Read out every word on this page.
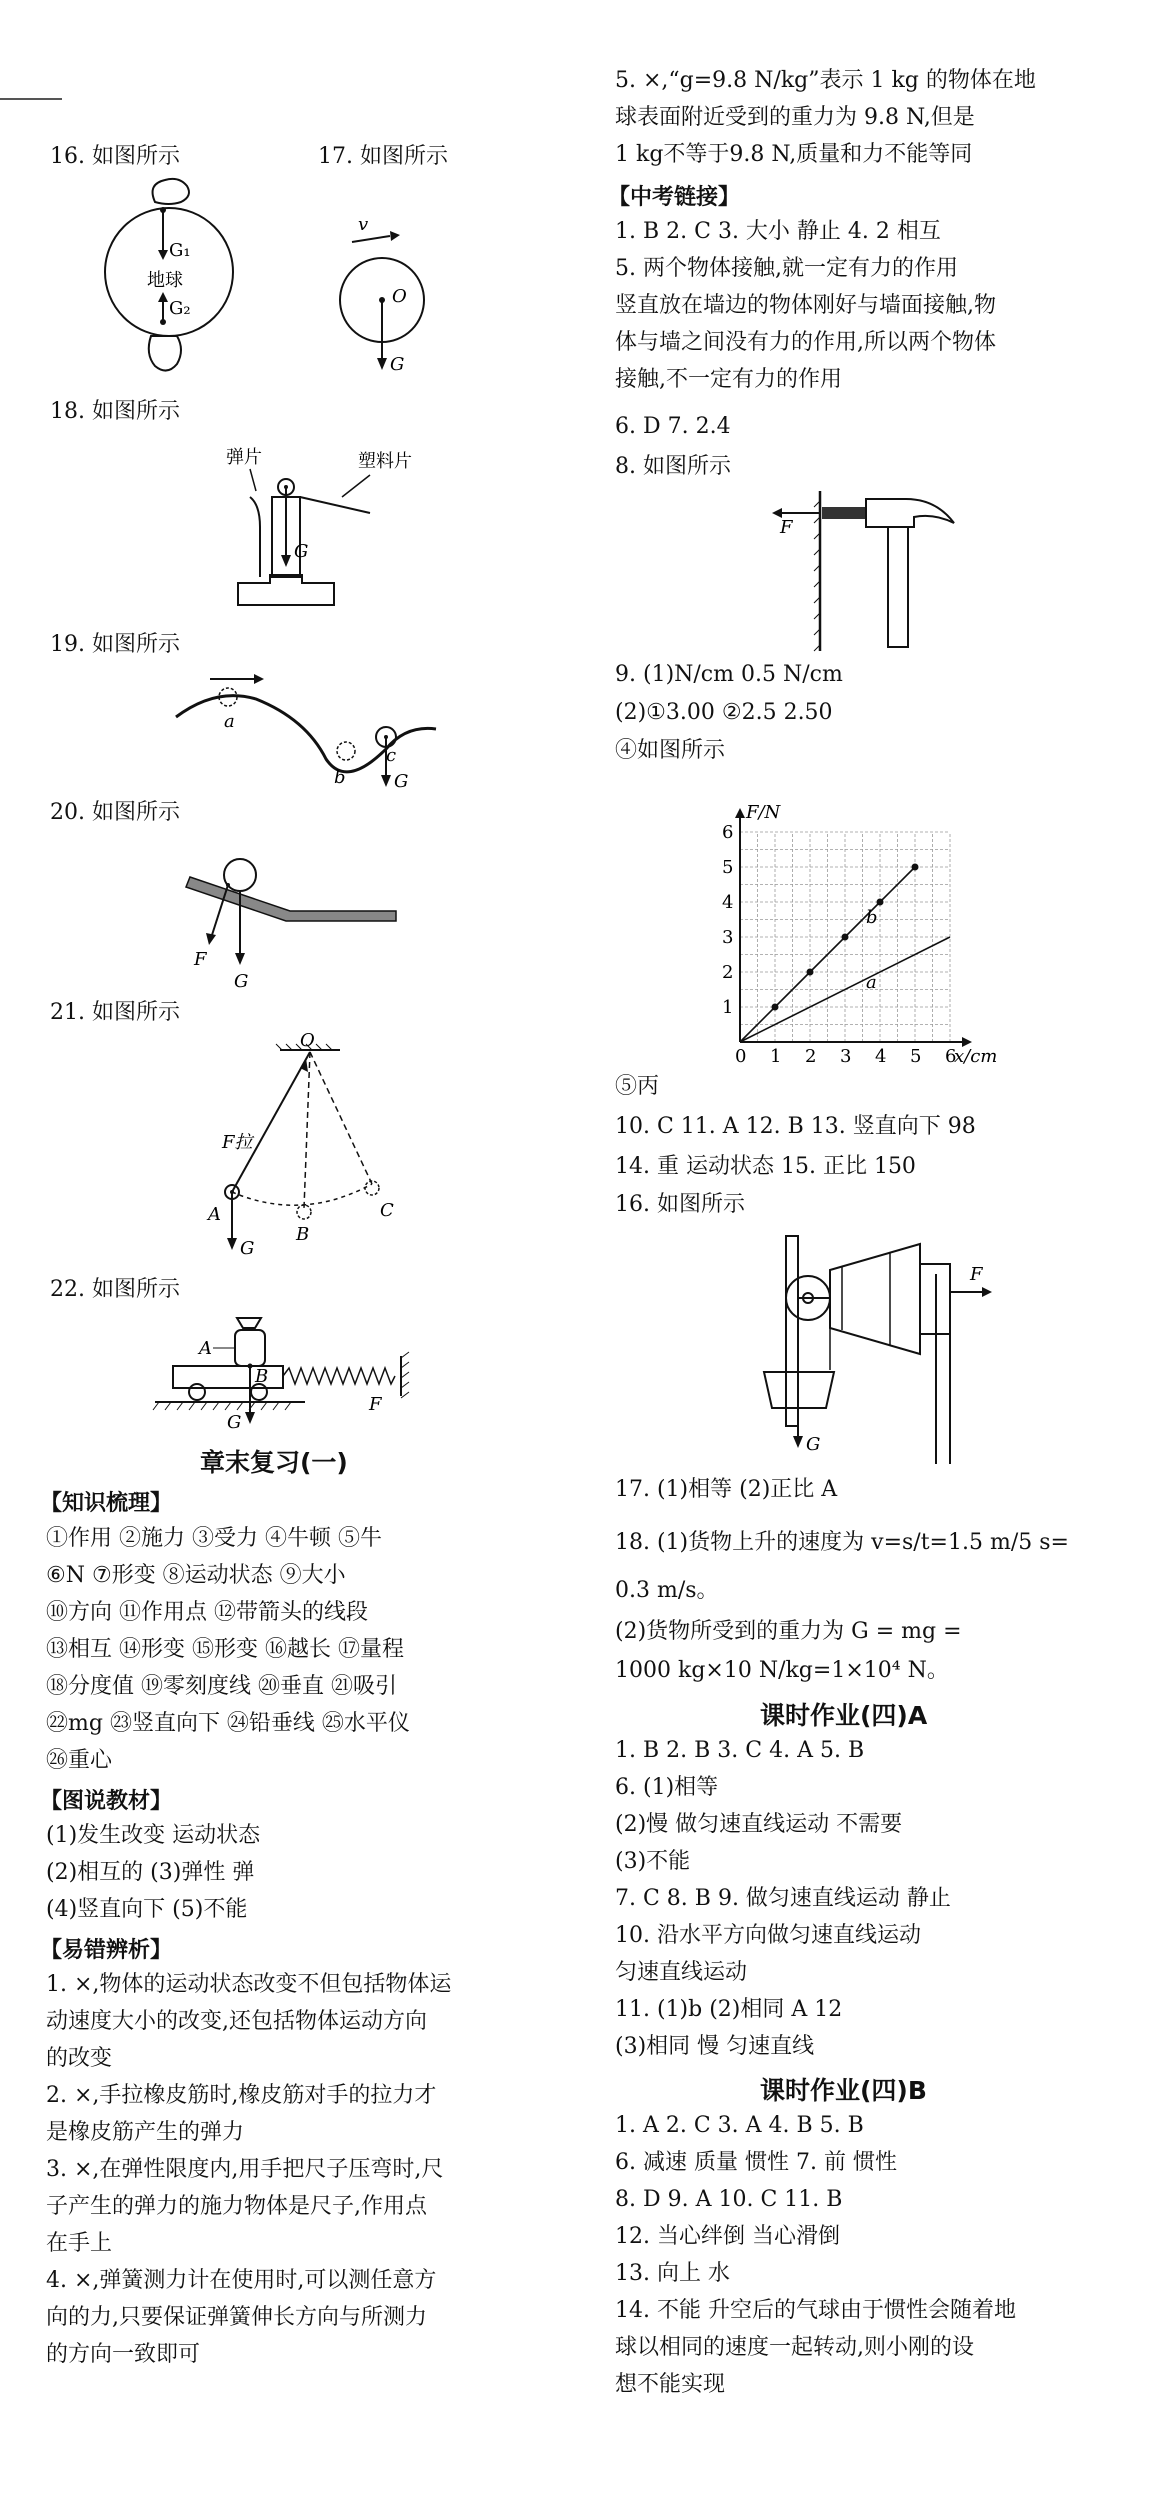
16. 如图所示	17. 如图所示
G₁
地球
G₂
v
O
G
18. 如图所示
弹片	塑料片
G
19. 如图所示
a
b
c
G
20. 如图所示
F
G
21. 如图所示
O
F拉
A
B
C
G
22. 如图所示
A
B
G
F
章末复习(一)
【知识梳理】
①作用 ②施力 ③受力 ④牛顿 ⑤牛
⑥N ⑦形变 ⑧运动状态 ⑨大小
⑩方向 ⑪作用点 ⑫带箭头的线段
⑬相互 ⑭形变 ⑮形变 ⑯越长 ⑰量程
⑱分度值 ⑲零刻度线 ⑳垂直 ㉑吸引
㉒mg ㉓竖直向下 ㉔铅垂线 ㉕水平仪
㉖重心
【图说教材】
(1)发生改变 运动状态
(2)相互的 (3)弹性 弹
(4)竖直向下 (5)不能
【易错辨析】
1. ×,物体的运动状态改变不但包括物体运
动速度大小的改变,还包括物体运动方向
的改变
2. ×,手拉橡皮筋时,橡皮筋对手的拉力才
是橡皮筋产生的弹力
3. ×,在弹性限度内,用手把尺子压弯时,尺
子产生的弹力的施力物体是尺子,作用点
在手上
4. ×,弹簧测力计在使用时,可以测任意方
向的力,只要保证弹簧伸长方向与所测力
的方向一致即可
5. ×,“g=9.8 N/kg”表示 1 kg 的物体在地
球表面附近受到的重力为 9.8 N,但是
1 kg不等于9.8 N,质量和力不能等同
【中考链接】
1. B 2. C 3. 大小 静止 4. 2 相互
5. 两个物体接触,就一定有力的作用
竖直放在墙边的物体刚好与墙面接触,物
体与墙之间没有力的作用,所以两个物体
接触,不一定有力的作用
6. D 7. 2.4
8. 如图所示
F
9. (1)N/cm 0.5 N/cm
(2)①3.00 ②2.5 2.50
④如图所示
0 1 2 3 4 5 6
1
2
3
4
5
6
b
a
F/N
x/cm
⑤丙
10. C 11. A 12. B 13. 竖直向下 98
14. 重 运动状态 15. 正比 150
16. 如图所示
F
G
17. (1)相等 (2)正比 A
18. (1)货物上升的速度为 v=s/t=1.5 m/5 s=
0.3 m/s。
(2)货物所受到的重力为 G = mg =
1000 kg×10 N/kg=1×10⁴ N。
课时作业(四)A
1. B 2. B 3. C 4. A 5. B
6. (1)相等
(2)慢 做匀速直线运动 不需要
(3)不能
7. C 8. B 9. 做匀速直线运动 静止
10. 沿水平方向做匀速直线运动
匀速直线运动
11. (1)b (2)相同 A 12
(3)相同 慢 匀速直线
课时作业(四)B
1. A 2. C 3. A 4. B 5. B
6. 减速 质量 惯性 7. 前 惯性
8. D 9. A 10. C 11. B
12. 当心绊倒 当心滑倒
13. 向上 水
14. 不能 升空后的气球由于惯性会随着地
球以相同的速度一起转动,则小刚的设
想不能实现
